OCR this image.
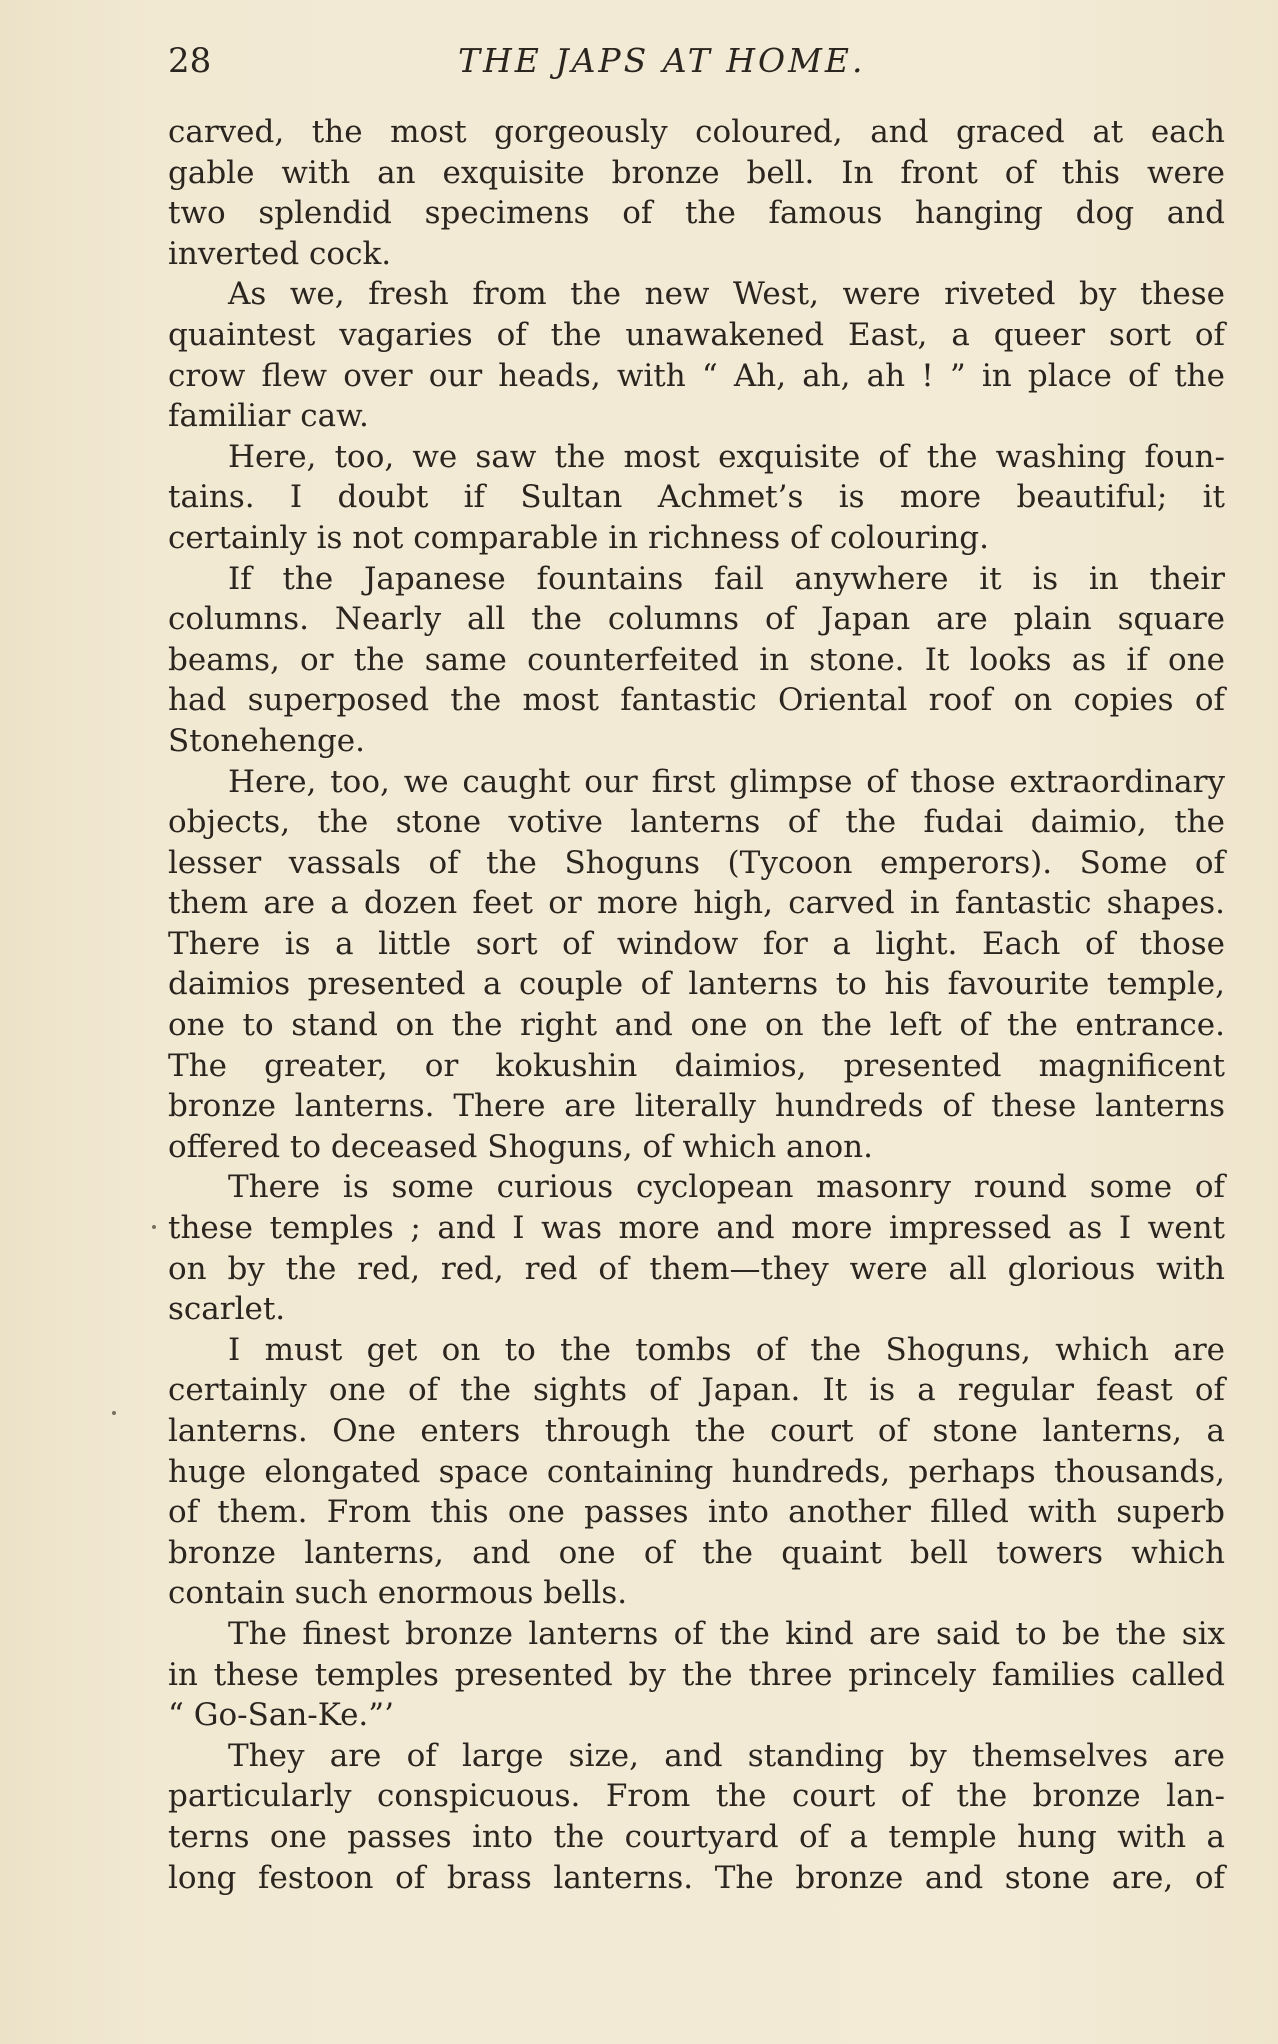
28	THE JAPS AT HOME.
carved, the most gorgeously coloured, and graced at each
gable with an exquisite bronze bell. In front of this were
two splendid specimens of the famous hanging dog and
inverted cock.
As we, fresh from the new West, were riveted by these
quaintest vagaries of the unawakened East, a queer sort of
crow flew over our heads, with “ Ah, ah, ah ! ” in place of the
familiar caw.
Here, too, we saw the most exquisite of the washing foun-
tains. I doubt if Sultan Achmet’s is more beautiful; it
certainly is not comparable in richness of colouring.
If the Japanese fountains fail anywhere it is in their
columns. Nearly all the columns of Japan are plain square
beams, or the same counterfeited in stone. It looks as if one
had superposed the most fantastic Oriental roof on copies of
Stonehenge.
Here, too, we caught our first glimpse of those extraordinary
objects, the stone votive lanterns of the fudai daimio, the
lesser vassals of the Shoguns (Tycoon emperors). Some of
them are a dozen feet or more high, carved in fantastic shapes.
There is a little sort of window for a light. Each of those
daimios presented a couple of lanterns to his favourite temple,
one to stand on the right and one on the left of the entrance.
The greater, or kokushin daimios, presented magnificent
bronze lanterns. There are literally hundreds of these lanterns
offered to deceased Shoguns, of which anon.
There is some curious cyclopean masonry round some of
these temples ; and I was more and more impressed as I went
on by the red, red, red of them—they were all glorious with
scarlet.
I must get on to the tombs of the Shoguns, which are
certainly one of the sights of Japan. It is a regular feast of
lanterns. One enters through the court of stone lanterns, a
huge elongated space containing hundreds, perhaps thousands,
of them. From this one passes into another filled with superb
bronze lanterns, and one of the quaint bell towers which
contain such enormous bells.
The finest bronze lanterns of the kind are said to be the six
in these temples presented by the three princely families called
“ Go-San-Ke.”’
They are of large size, and standing by themselves are
particularly conspicuous. From the court of the bronze lan-
terns one passes into the courtyard of a temple hung with a
long festoon of brass lanterns. The bronze and stone are, of
